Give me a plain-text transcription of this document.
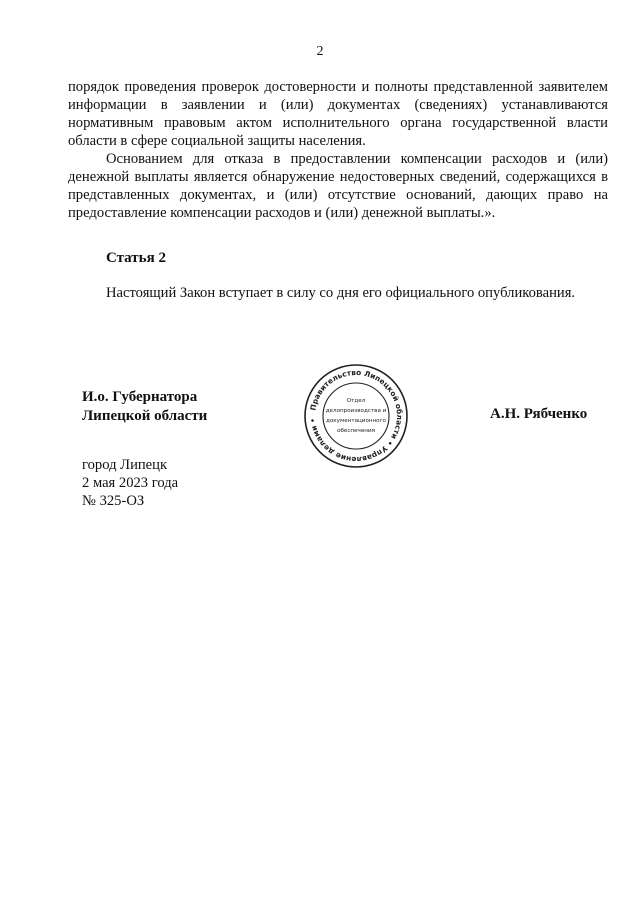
2

порядок проведения проверок достоверности и полноты представленной заявителем информации в заявлении и (или) документах (сведениях) устанавливаются нормативным правовым актом исполнительного органа государственной власти области в сфере социальной защиты населения.

Основанием для отказа в предоставлении компенсации расходов и (или) денежной выплаты является обнаружение недостоверных сведений, содержащихся в представленных документах, и (или) отсутствие оснований, дающих право на предоставление компенсации расходов и (или) денежной выплаты.».

Статья 2

Настоящий Закон вступает в силу со дня его официального опубликования.

И.о. Губернатора
Липецкой области
Правительство Липецкой области • Управление делами •
Отдел
делопроизводства и
документационного
обеспечения
А.Н. Рябченко
город Липецк
2 мая 2023 года
№ 325-ОЗ
